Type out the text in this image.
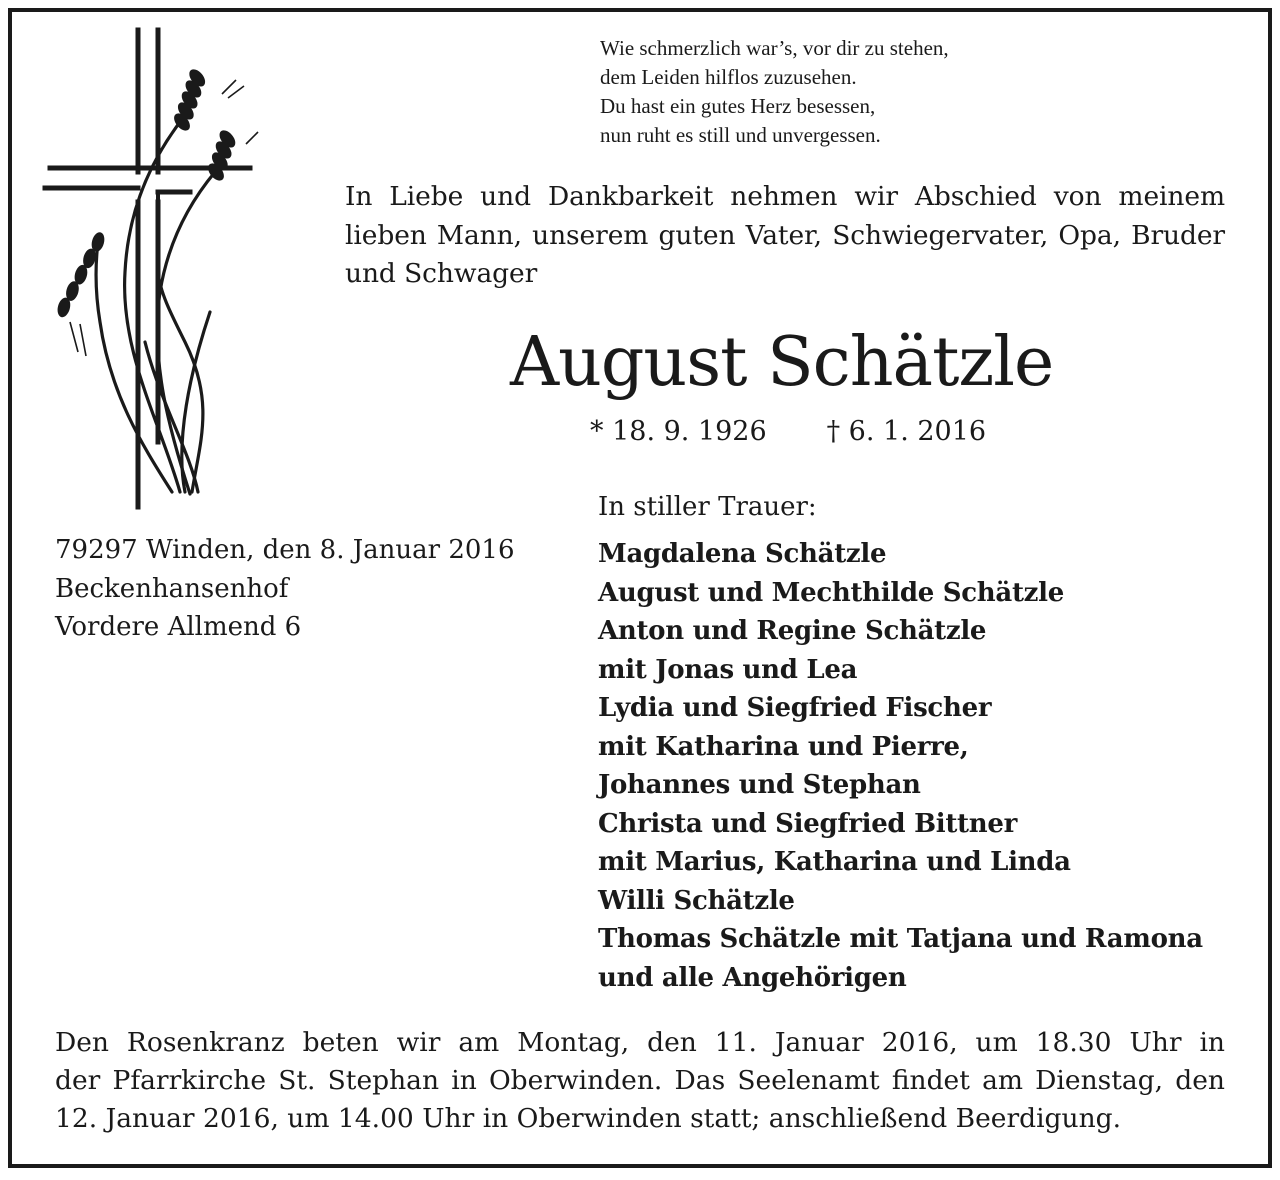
Wie schmerzlich war’s, vor dir zu stehen,
dem Leiden hilflos zuzusehen.
Du hast ein gutes Herz besessen,
nun ruht es still und unvergessen.
In Liebe und Dankbarkeit nehmen wir Abschied von meinem
lieben Mann, unserem guten Vater, Schwiegervater, Opa, Bruder
und Schwager
August Schätzle
* 18. 9. 1926 † 6. 1. 2016
In stiller Trauer:
Magdalena Schätzle
August und Mechthilde Schätzle
Anton und Regine Schätzle
mit Jonas und Lea
Lydia und Siegfried Fischer
mit Katharina und Pierre,
Johannes und Stephan
Christa und Siegfried Bittner
mit Marius, Katharina und Linda
Willi Schätzle
Thomas Schätzle mit Tatjana und Ramona
und alle Angehörigen
79297 Winden, den 8. Januar 2016
Beckenhansenhof
Vordere Allmend 6
Den Rosenkranz beten wir am Montag, den 11. Januar 2016, um 18.30 Uhr in
der Pfarrkirche St. Stephan in Oberwinden. Das Seelenamt findet am Dienstag, den
12. Januar 2016, um 14.00 Uhr in Oberwinden statt; anschließend Beerdigung.
